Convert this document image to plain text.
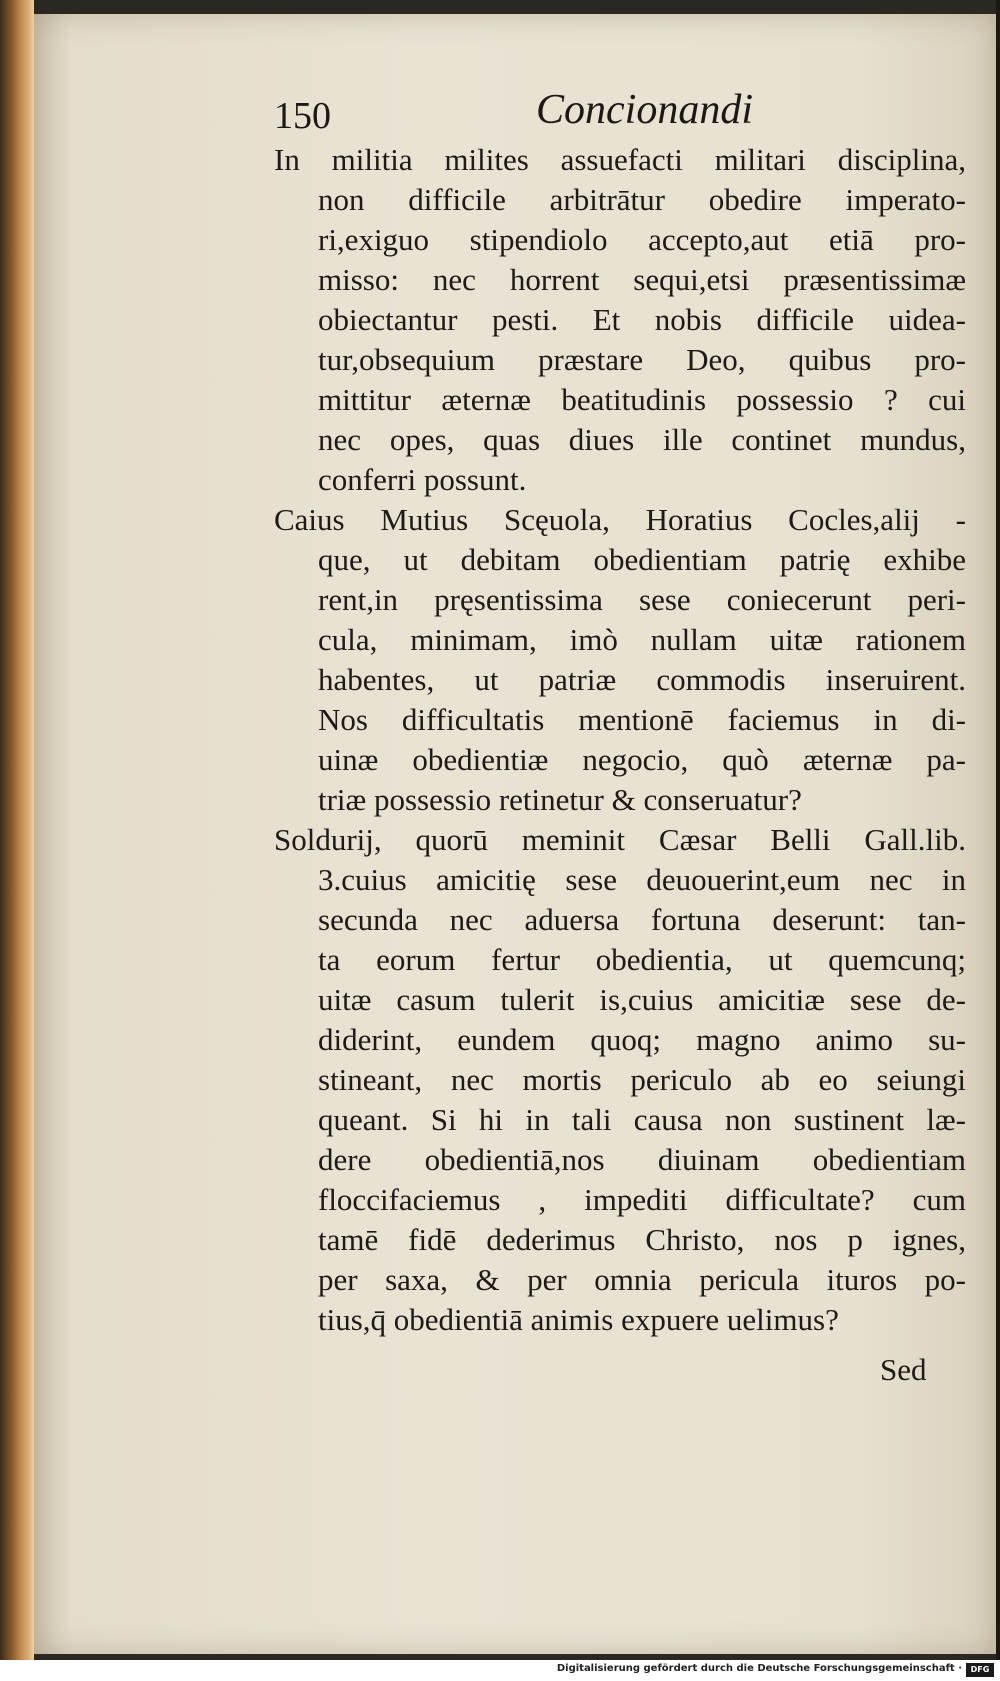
150	Concionandi
In militia milites assuefacti militari disciplina,
non difficile arbitrātur obedire imperato-
ri,exiguo stipendiolo accepto,aut etiā pro-
misso: nec horrent sequi,etsi præsentissimæ
obiectantur pesti. Et nobis difficile uidea-
tur,obsequium præstare Deo, quibus pro-
mittitur æternæ beatitudinis possessio ? cui
nec opes, quas diues ille continet mundus,
conferri possunt.
Caius Mutius Scęuola, Horatius Cocles,alij -
que, ut debitam obedientiam patrię exhibe
rent,in pręsentissima sese coniecerunt peri-
cula, minimam, imò nullam uitæ rationem
habentes, ut patriæ commodis inseruirent.
Nos difficultatis mentionē faciemus in di-
uinæ obedientiæ negocio, quò æternæ pa-
triæ possessio retinetur & conseruatur?
Soldurij, quorū meminit Cæsar Belli Gall.lib.
3.cuius amicitię sese deuouerint,eum nec in
secunda nec aduersa fortuna deserunt: tan-
ta eorum fertur obedientia, ut quemcunq;
uitæ casum tulerit is,cuius amicitiæ sese de-
diderint, eundem quoq; magno animo su-
stineant, nec mortis periculo ab eo seiungi
queant. Si hi in tali causa non sustinent læ-
dere obedientiā,nos diuinam obedientiam
floccifaciemus , impediti difficultate? cum
tamē fidē dederimus Christo, nos p ignes,
per saxa, & per omnia pericula ituros po-
tius,q̄ obedientiā animis expuere uelimus?
Sed
Digitalisierung gefördert durch die Deutsche Forschungsgemeinschaft ·	DFG
